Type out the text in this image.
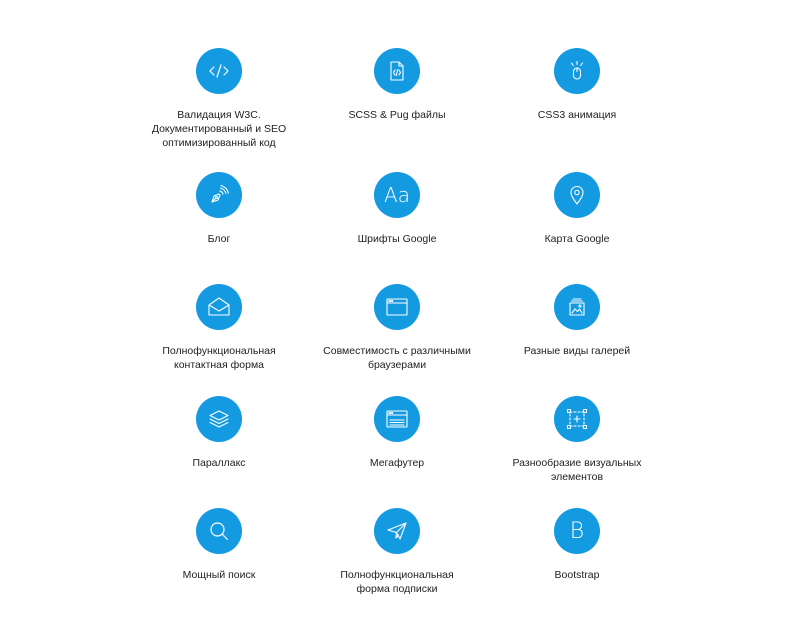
Валидация W3C.
Документированный и SEO
оптимизированный код
SCSS & Pug файлы	CSS3 анимация
Блог
Aa
Шрифты Google	Карта Google
Полнофункциональная
контактная форма
Совместимость с различными
браузерами
Разные виды галерей
Параллакс	Мегафутер	Разнообразие визуальных
элементов
Мощный поиск	Полнофункциональная
форма подписки
B
Bootstrap
